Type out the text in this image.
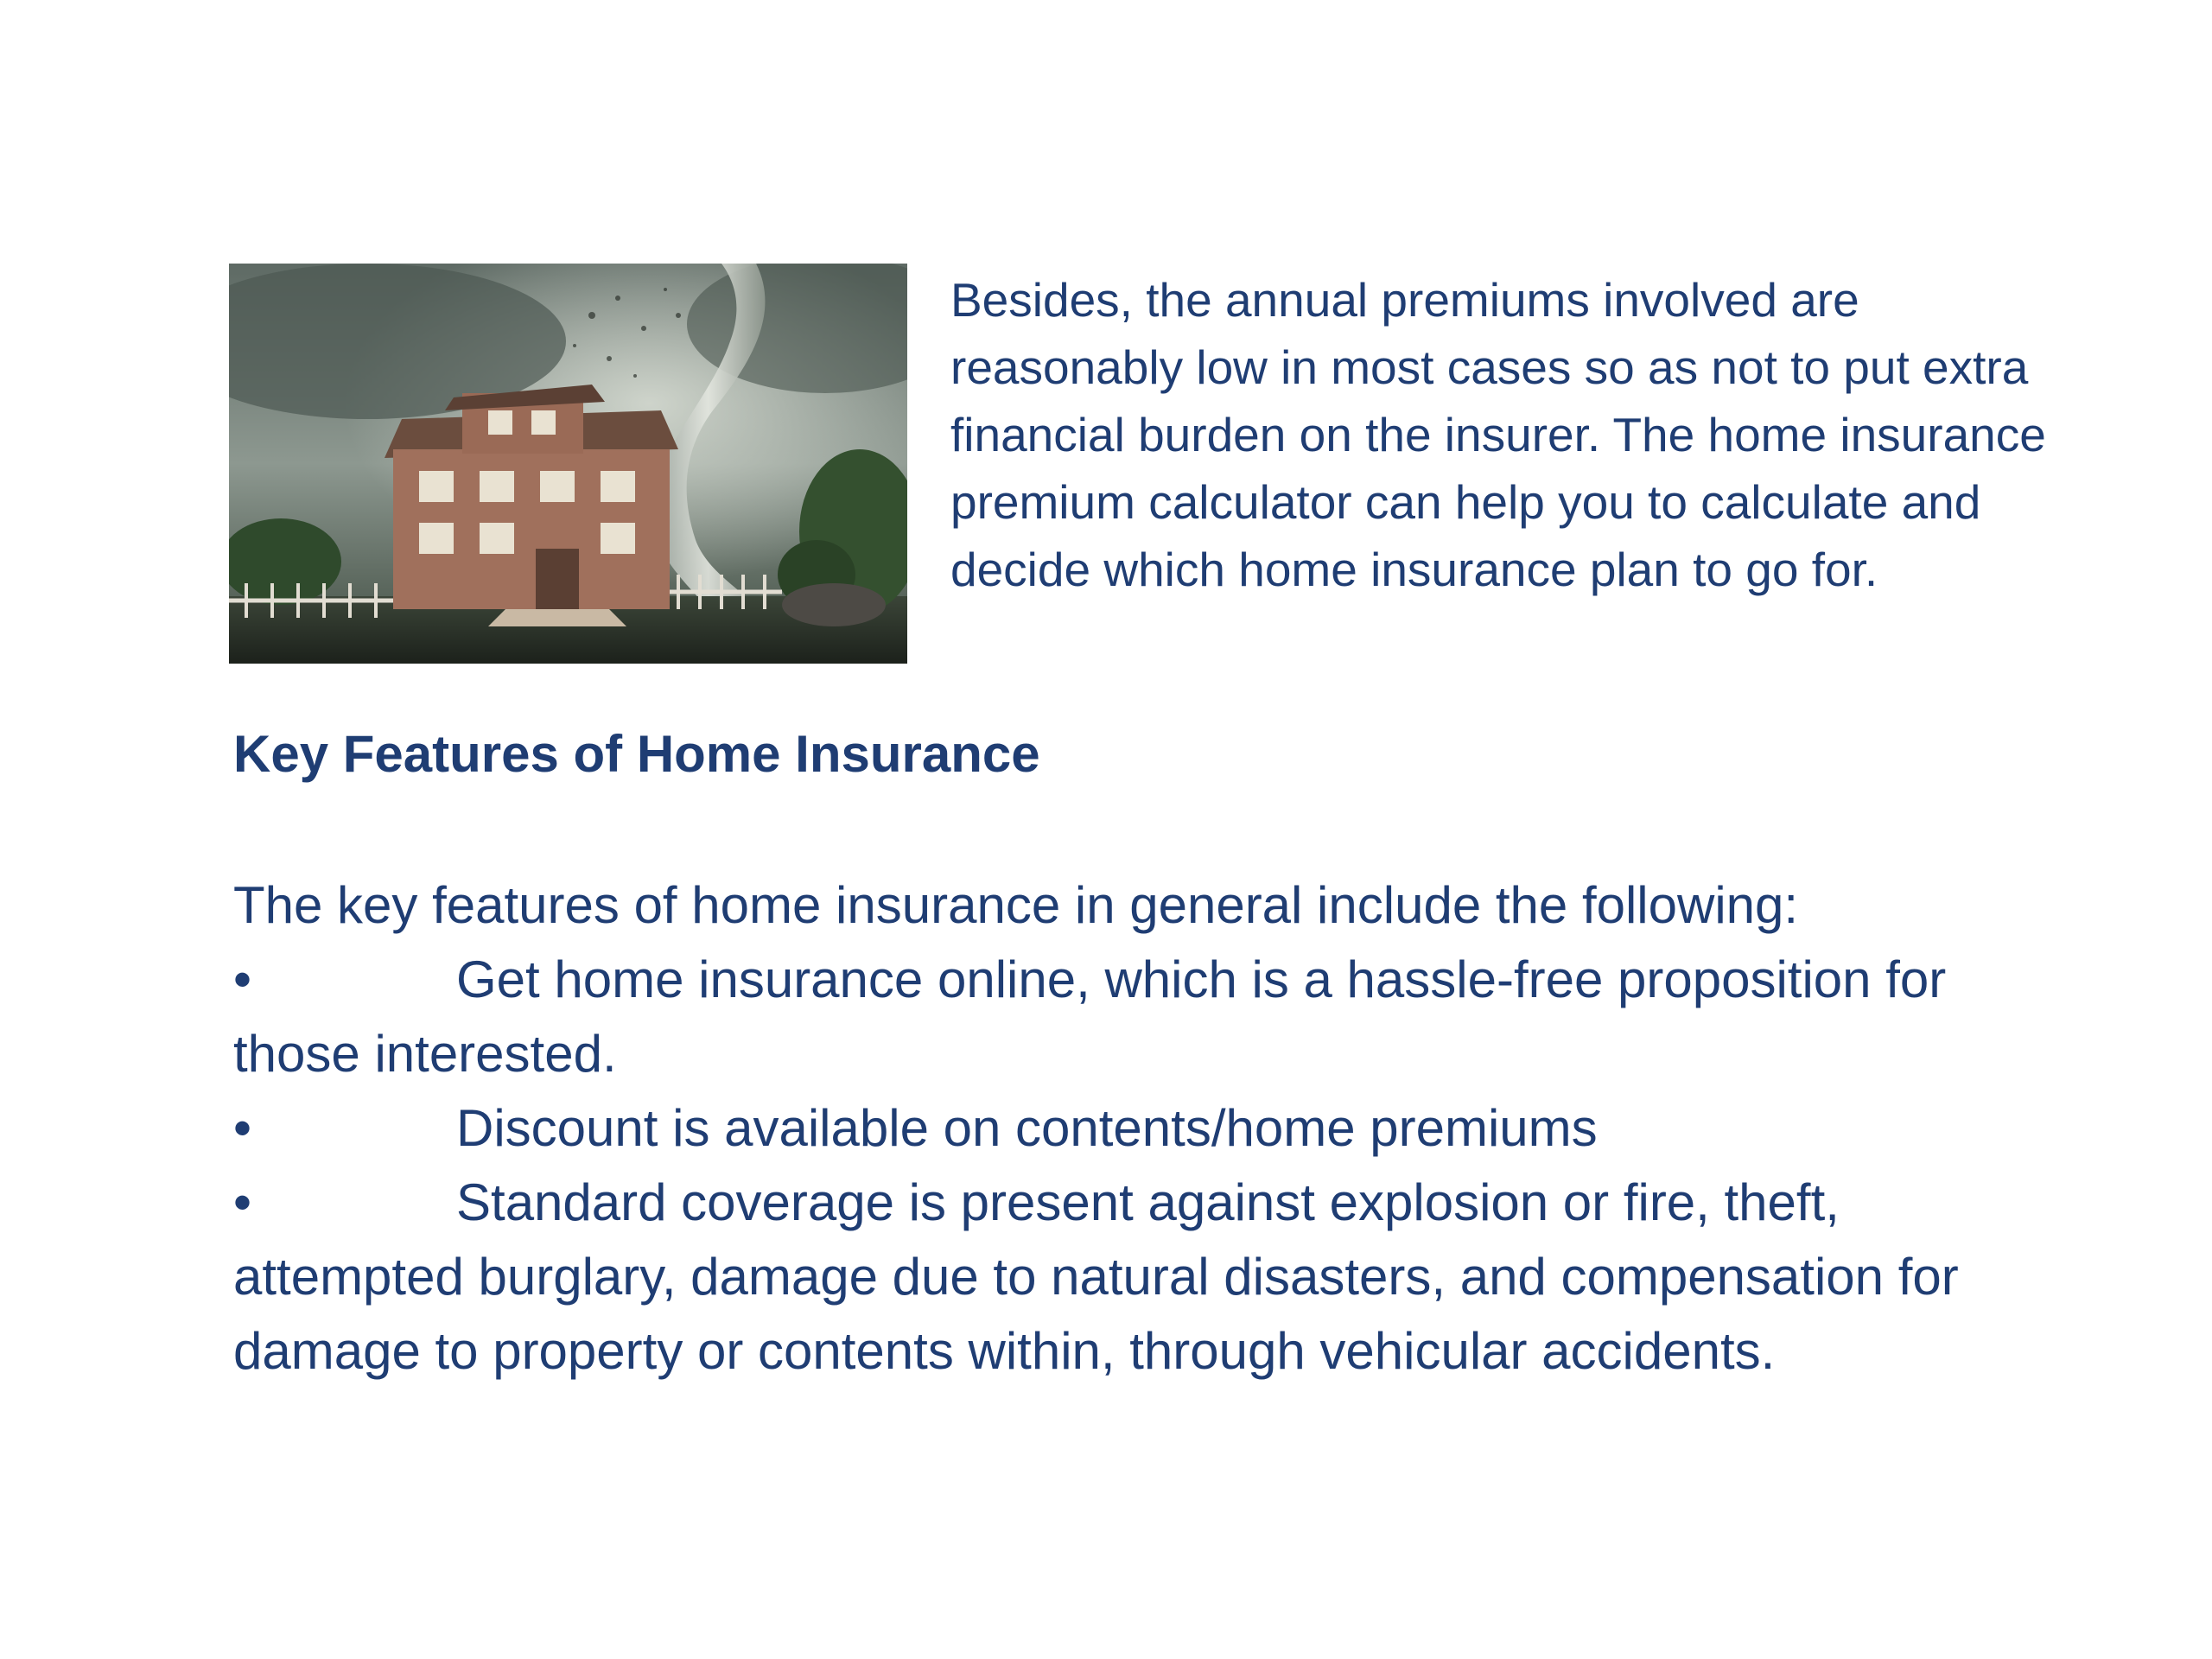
Besides, the annual premiums involved are reasonably low in most cases so as not to put extra financial burden on the insurer. The home insurance premium calculator can help you to calculate and decide which home insurance plan to go for.

Key Features of Home Insurance

The key features of home insurance in general include the following:

•	Get home insurance online, which is a hassle-free proposition for those interested.

•	Discount is available on contents/home premiums

•	Standard coverage is present against explosion or fire, theft, attempted burglary, damage due to natural disasters, and compensation for damage to property or contents within, through vehicular accidents.
